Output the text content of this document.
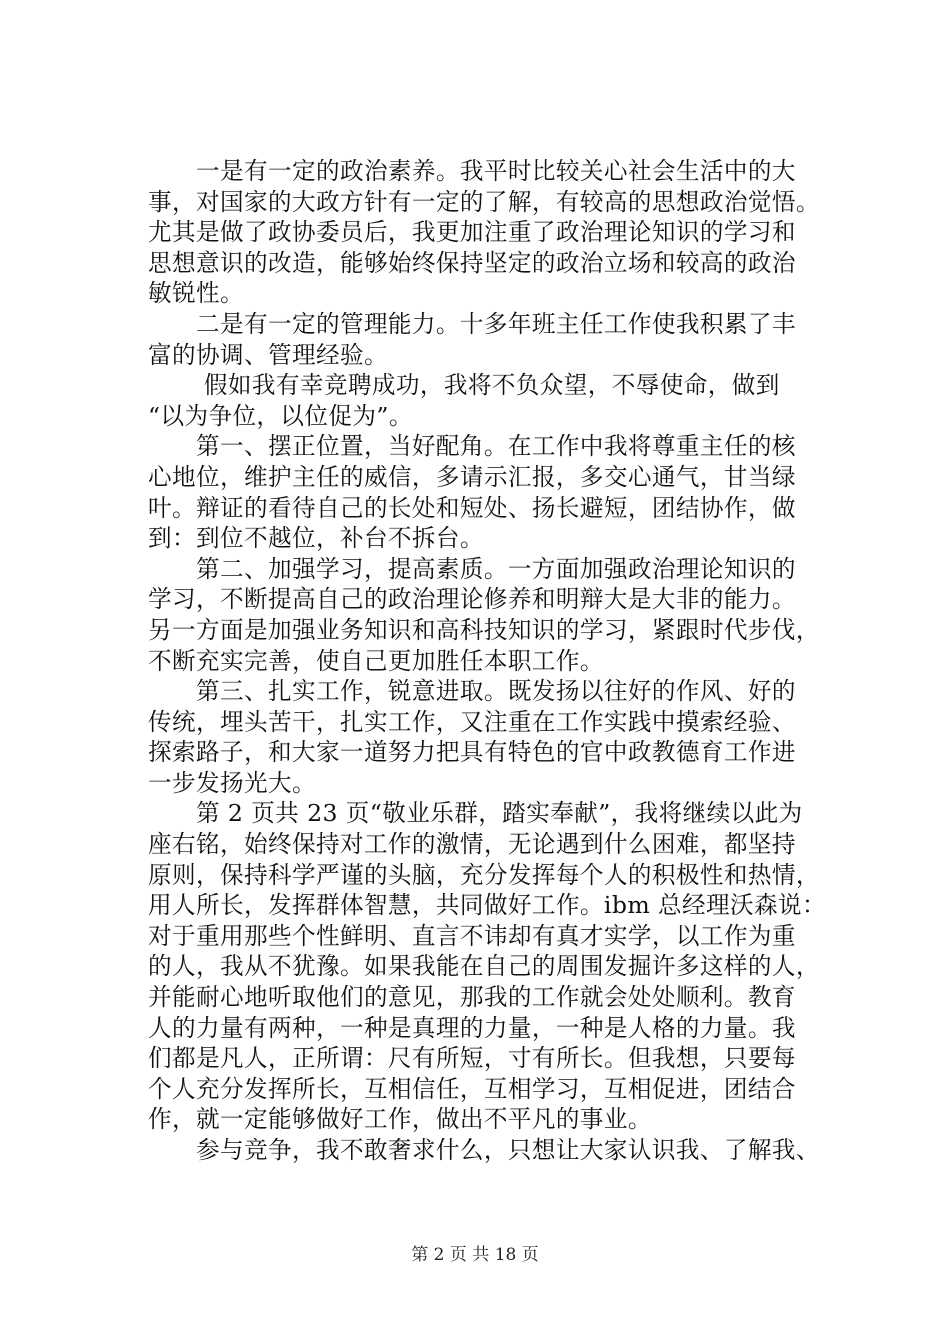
　　一是有一定的政治素养。我平时比较关心社会生活中的大
事，对国家的大政方针有一定的了解，有较高的思想政治觉悟。
尤其是做了政协委员后，我更加注重了政治理论知识的学习和
思想意识的改造，能够始终保持坚定的政治立场和较高的政治
敏锐性。
　　二是有一定的管理能力。十多年班主任工作使我积累了丰
富的协调、管理经验。
　　 假如我有幸竞聘成功，我将不负众望，不辱使命，做到
“以为争位，以位促为”。
　　第一、摆正位置，当好配角。在工作中我将尊重主任的核
心地位，维护主任的威信，多请示汇报，多交心通气，甘当绿
叶。辩证的看待自己的长处和短处、扬长避短，团结协作，做
到：到位不越位，补台不拆台。
　　第二、加强学习，提高素质。一方面加强政治理论知识的
学习，不断提高自己的政治理论修养和明辩大是大非的能力。
另一方面是加强业务知识和高科技知识的学习，紧跟时代步伐，
不断充实完善，使自己更加胜任本职工作。
　　第三、扎实工作，锐意进取。既发扬以往好的作风、好的
传统，埋头苦干，扎实工作，又注重在工作实践中摸索经验、
探索路子，和大家一道努力把具有特色的官中政教德育工作进
一步发扬光大。
　　第 2 页共 23 页“敬业乐群，踏实奉献”，我将继续以此为
座右铭，始终保持对工作的激情，无论遇到什么困难，都坚持
原则，保持科学严谨的头脑，充分发挥每个人的积极性和热情，
用人所长，发挥群体智慧，共同做好工作。ibm 总经理沃森说：
对于重用那些个性鲜明、直言不讳却有真才实学，以工作为重
的人，我从不犹豫。如果我能在自己的周围发掘许多这样的人，
并能耐心地听取他们的意见，那我的工作就会处处顺利。教育
人的力量有两种，一种是真理的力量，一种是人格的力量。我
们都是凡人，正所谓：尺有所短，寸有所长。但我想，只要每
个人充分发挥所长，互相信任，互相学习，互相促进，团结合
作，就一定能够做好工作，做出不平凡的事业。
　　参与竞争，我不敢奢求什么，只想让大家认识我、了解我、
第 2 页 共 18 页
